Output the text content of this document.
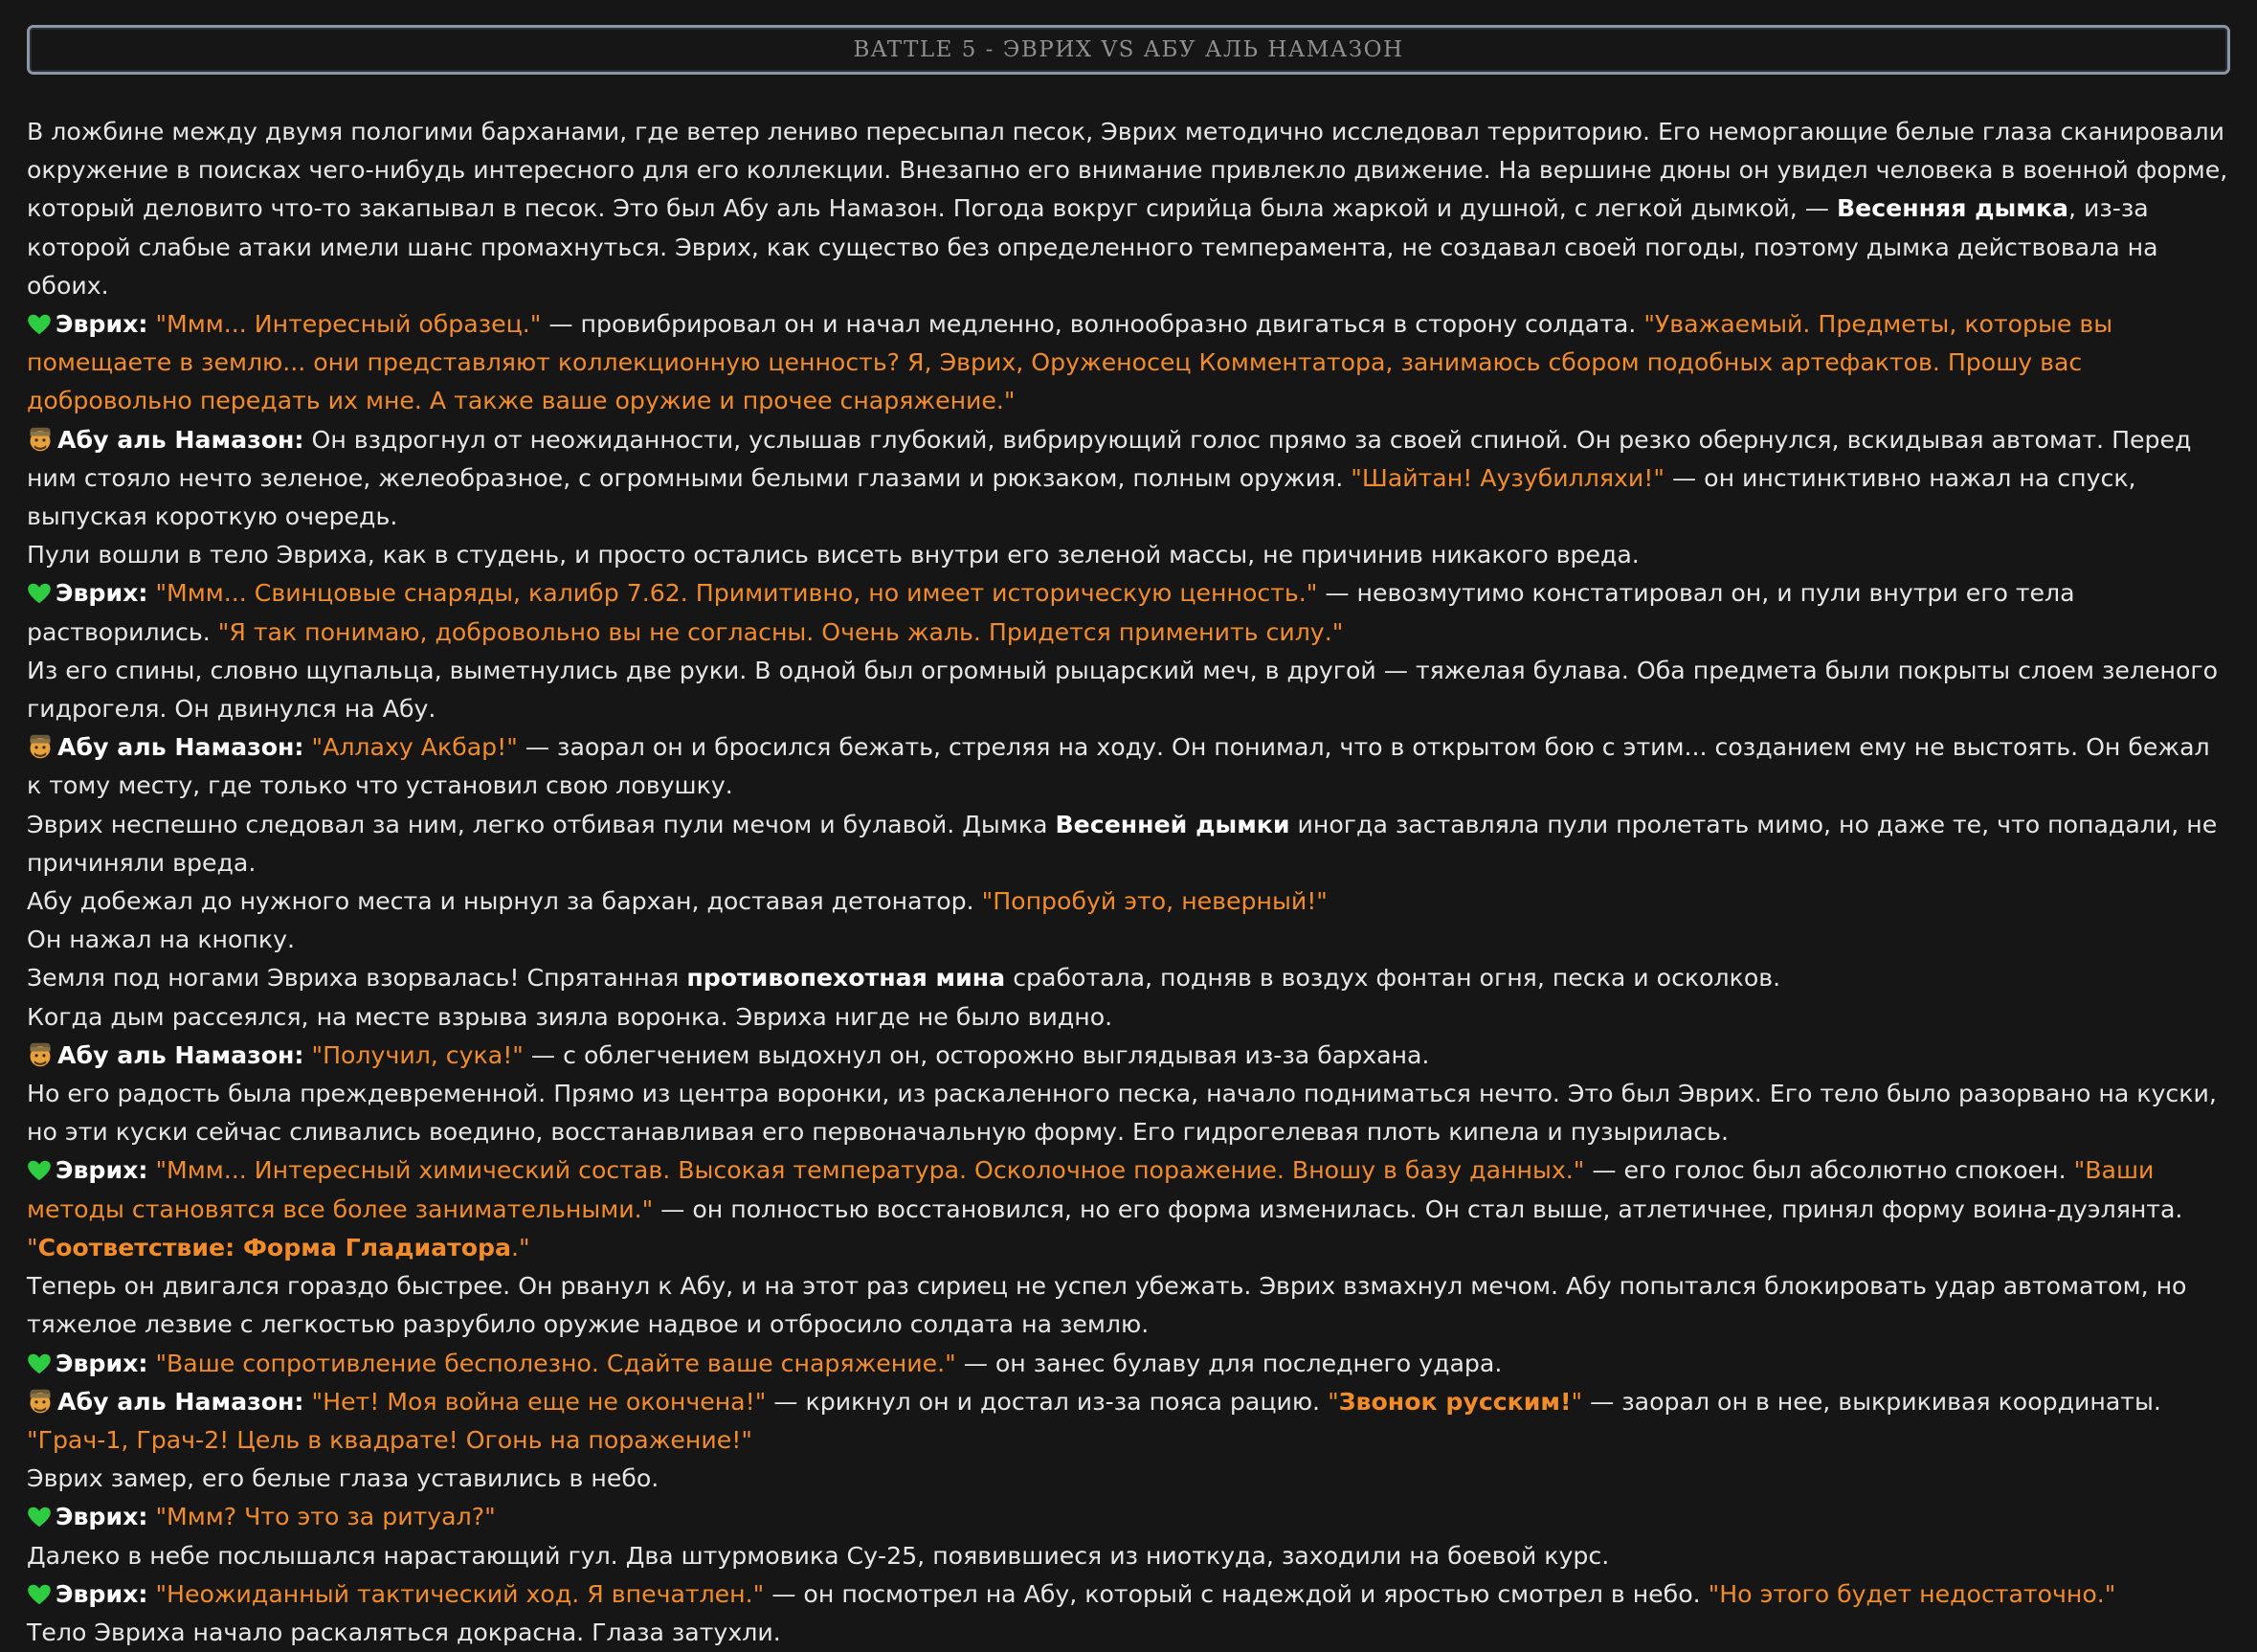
BATTLE 5 - ЭВРИХ VS АБУ АЛЬ НАМАЗОН

В ложбине между двумя пологими барханами, где ветер лениво пересыпал песок, Эврих методично исследовал территорию. Его неморгающие белые глаза сканировали окружение в поисках чего-нибудь интересного для его коллекции. Внезапно его внимание привлекло движение. На вершине дюны он увидел человека в военной форме, который деловито что-то закапывал в песок. Это был Абу аль Намазон. Погода вокруг сирийца была жаркой и душной, с легкой дымкой, — Весенняя дымка, из-за которой слабые атаки имели шанс промахнуться. Эврих, как существо без определенного темперамента, не создавал своей погоды, поэтому дымка действовала на обоих.

Эврих: "Ммм... Интересный образец." — провибрировал он и начал медленно, волнообразно двигаться в сторону солдата. "Уважаемый. Предметы, которые вы помещаете в землю... они представляют коллекционную ценность? Я, Эврих, Оруженосец Комментатора, занимаюсь сбором подобных артефактов. Прошу вас добровольно передать их мне. А также ваше оружие и прочее снаряжение."

Абу аль Намазон: Он вздрогнул от неожиданности, услышав глубокий, вибрирующий голос прямо за своей спиной. Он резко обернулся, вскидывая автомат. Перед ним стояло нечто зеленое, желеобразное, с огромными белыми глазами и рюкзаком, полным оружия. "Шайтан! Аузубилляхи!" — он инстинктивно нажал на спуск, выпуская короткую очередь.

Пули вошли в тело Эвриха, как в студень, и просто остались висеть внутри его зеленой массы, не причинив никакого вреда.

Эврих: "Ммм... Свинцовые снаряды, калибр 7.62. Примитивно, но имеет историческую ценность." — невозмутимо констатировал он, и пули внутри его тела растворились. "Я так понимаю, добровольно вы не согласны. Очень жаль. Придется применить силу."

Из его спины, словно щупальца, выметнулись две руки. В одной был огромный рыцарский меч, в другой — тяжелая булава. Оба предмета были покрыты слоем зеленого гидрогеля. Он двинулся на Абу.

Абу аль Намазон: "Аллаху Акбар!" — заорал он и бросился бежать, стреляя на ходу. Он понимал, что в открытом бою с этим... созданием ему не выстоять. Он бежал к тому месту, где только что установил свою ловушку.

Эврих неспешно следовал за ним, легко отбивая пули мечом и булавой. Дымка Весенней дымки иногда заставляла пули пролетать мимо, но даже те, что попадали, не причиняли вреда.

Абу добежал до нужного места и нырнул за бархан, доставая детонатор. "Попробуй это, неверный!"

Он нажал на кнопку.

Земля под ногами Эвриха взорвалась! Спрятанная противопехотная мина сработала, подняв в воздух фонтан огня, песка и осколков.

Когда дым рассеялся, на месте взрыва зияла воронка. Эвриха нигде не было видно.

Абу аль Намазон: "Получил, сука!" — с облегчением выдохнул он, осторожно выглядывая из-за бархана.

Но его радость была преждевременной. Прямо из центра воронки, из раскаленного песка, начало подниматься нечто. Это был Эврих. Его тело было разорвано на куски, но эти куски сейчас сливались воедино, восстанавливая его первоначальную форму. Его гидрогелевая плоть кипела и пузырилась.

Эврих: "Ммм... Интересный химический состав. Высокая температура. Осколочное поражение. Вношу в базу данных." — его голос был абсолютно спокоен. "Ваши методы становятся все более занимательными." — он полностью восстановился, но его форма изменилась. Он стал выше, атлетичнее, принял форму воина-дуэлянта. "Соответствие: Форма Гладиатора."

Теперь он двигался гораздо быстрее. Он рванул к Абу, и на этот раз сириец не успел убежать. Эврих взмахнул мечом. Абу попытался блокировать удар автоматом, но тяжелое лезвие с легкостью разрубило оружие надвое и отбросило солдата на землю.

Эврих: "Ваше сопротивление бесполезно. Сдайте ваше снаряжение." — он занес булаву для последнего удара.

Абу аль Намазон: "Нет! Моя война еще не окончена!" — крикнул он и достал из-за пояса рацию. "Звонок русским!" — заорал он в нее, выкрикивая координаты. "Грач-1, Грач-2! Цель в квадрате! Огонь на поражение!"

Эврих замер, его белые глаза уставились в небо.

Эврих: "Ммм? Что это за ритуал?"

Далеко в небе послышался нарастающий гул. Два штурмовика Су-25, появившиеся из ниоткуда, заходили на боевой курс.

Эврих: "Неожиданный тактический ход. Я впечатлен." — он посмотрел на Абу, который с надеждой и яростью смотрел в небо. "Но этого будет недостаточно."

Тело Эвриха начало раскаляться докрасна. Глаза затухли.
